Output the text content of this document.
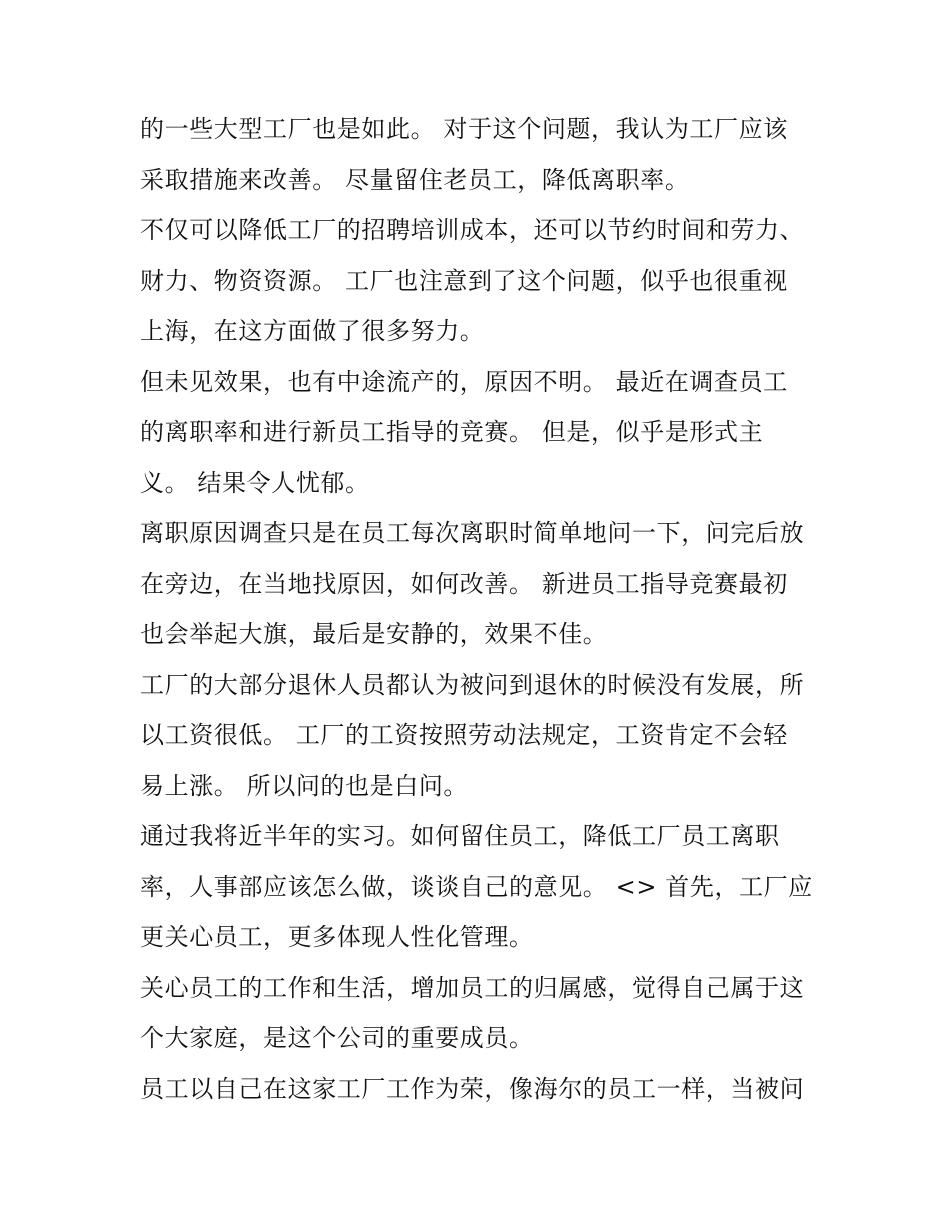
的一些大型工厂也是如此。 对于这个问题，我认为工厂应该
采取措施来改善。 尽量留住老员工，降低离职率。

不仅可以降低工厂的招聘培训成本，还可以节约时间和劳力、
财力、物资资源。 工厂也注意到了这个问题，似乎也很重视
上海，在这方面做了很多努力。

但未见效果，也有中途流产的，原因不明。 最近在调查员工
的离职率和进行新员工指导的竞赛。 但是，似乎是形式主
义。 结果令人忧郁。

离职原因调查只是在员工每次离职时简单地问一下，问完后放
在旁边，在当地找原因，如何改善。 新进员工指导竞赛最初
也会举起大旗，最后是安静的，效果不佳。

工厂的大部分退休人员都认为被问到退休的时候没有发展，所
以工资很低。 工厂的工资按照劳动法规定，工资肯定不会轻
易上涨。 所以问的也是白问。

通过我将近半年的实习。如何留住员工，降低工厂员工离职
率，人事部应该怎么做，谈谈自己的意见。 <> 首先，工厂应
更关心员工，更多体现人性化管理。

关心员工的工作和生活，增加员工的归属感，觉得自己属于这
个大家庭，是这个公司的重要成员。

员工以自己在这家工厂工作为荣，像海尔的员工一样，当被问
